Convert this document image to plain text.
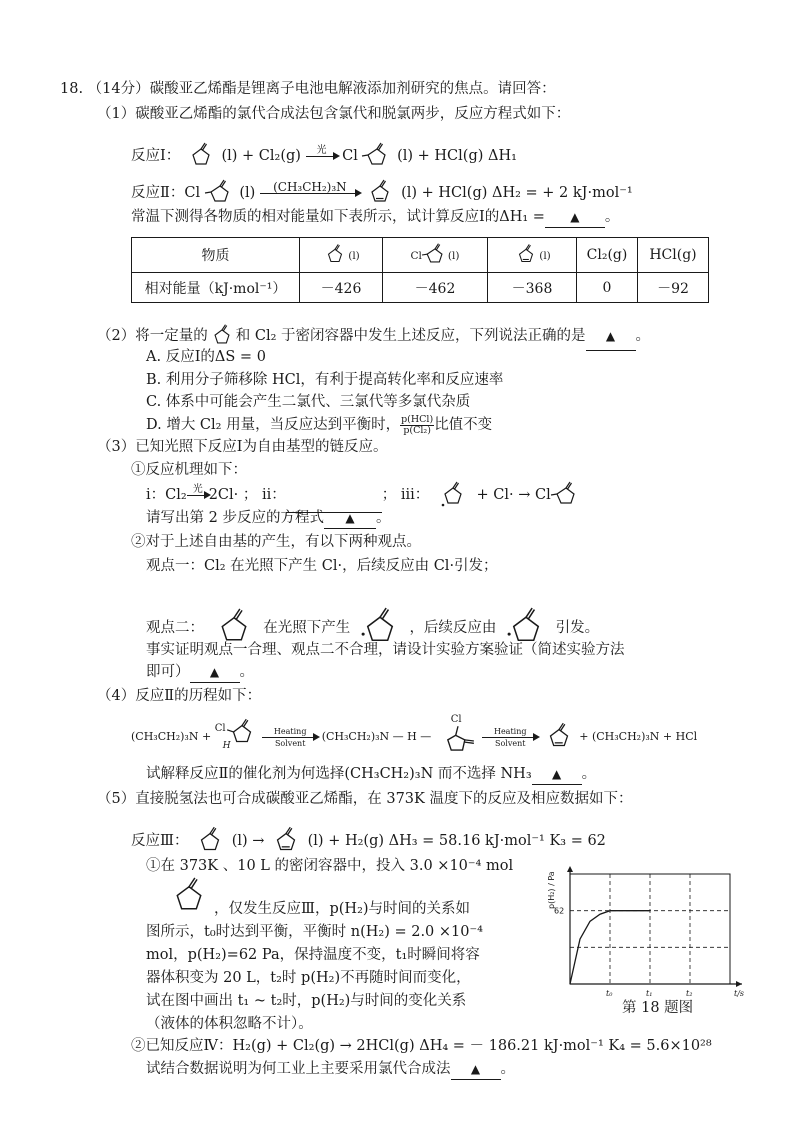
18. （14分）碳酸亚乙烯酯是锂离子电池电解液添加剂研究的焦点。请回答：
（1）碳酸亚乙烯酯的氯代合成法包含氯代和脱氯两步，反应方程式如下：
反应Ⅰ：	(l) + Cl₂(g)	光
	Cl	(l) + HCl(g) ΔH₁
反应Ⅱ：Cl	(l)	(CH₃CH₂)₃N
	(l) + HCl(g) ΔH₂ = + 2 kJ·mol⁻¹
常温下测得各物质的相对能量如下表所示，试计算反应Ⅰ的ΔH₁ = ▲ 。
物质	(l)	Cl (l)	(l)	Cl₂(g)	HCl(g)
相对能量（kJ·mol⁻¹）	－426	－462	－368	0	－92
（2）将一定量的 和 Cl₂ 于密闭容器中发生上述反应，下列说法正确的是 ▲ 。
A. 反应Ⅰ的ΔS = 0
B. 利用分子筛移除 HCl，有利于提高转化率和反应速率
C. 体系中可能会产生二氯代、三氯代等多氯代杂质
D. 增大 Cl₂ 用量，当反应达到平衡时， $\frac{\text{p(HCl)}}{\text{p(Cl₂)}}$ 比值不变
（3）已知光照下反应Ⅰ为自由基型的链反应。
①反应机理如下：
i：Cl₂ 光
2Cl· ； ii：	； iii：	+ Cl· → Cl
请写出第 2 步反应的方程式 ▲ 。
②对于上述自由基的产生，有以下两种观点。
观点一：Cl₂ 在光照下产生 Cl·，后续反应由 Cl·引发；
观点二：	在光照下产生	，后续反应由	引发。
事实证明观点一合理、观点二不合理，请设计实验方案验证（简述实验方法
即可） ▲ 。
（4）反应Ⅱ的历程如下：
(CH₃CH₂)₃N +
Cl
H

Heating
Solvent	(CH₃CH₂)₃N — H —
Cl

Heating
Solvent	+ (CH₃CH₂)₃N + HCl
试解释反应Ⅱ的催化剂为何选择(CH₃CH₂)₃N 而不选择 NH₃ ▲ 。
（5）直接脱氢法也可合成碳酸亚乙烯酯，在 373K 温度下的反应及相应数据如下：
反应Ⅲ：	(l) →	(l) + H₂(g) ΔH₃ = 58.16 kJ·mol⁻¹ K₃ = 62
①在 373K 、10 L 的密闭容器中，投入 3.0 ×10⁻⁴ mol
，仅发生反应Ⅲ，p(H₂)与时间的关系如
图所示，t₀时达到平衡，平衡时 n(H₂) = 2.0 ×10⁻⁴
mol，p(H₂)=62 Pa，保持温度不变，t₁时瞬间将容
器体积变为 20 L，t₂时 p(H₂)不再随时间而变化，
试在图中画出 t₁ ~ t₂时，p(H₂)与时间的变化关系
（液体的体积忽略不计）。
p(H₂) / Pa
t/s
62
t₀	t₁	t₂
第 18 题图
②已知反应Ⅳ：H₂(g) + Cl₂(g) → 2HCl(g) ΔH₄ = － 186.21 kJ·mol⁻¹ K₄ = 5.6×10²⁸
试结合数据说明为何工业上主要采用氯代合成法 ▲ 。
